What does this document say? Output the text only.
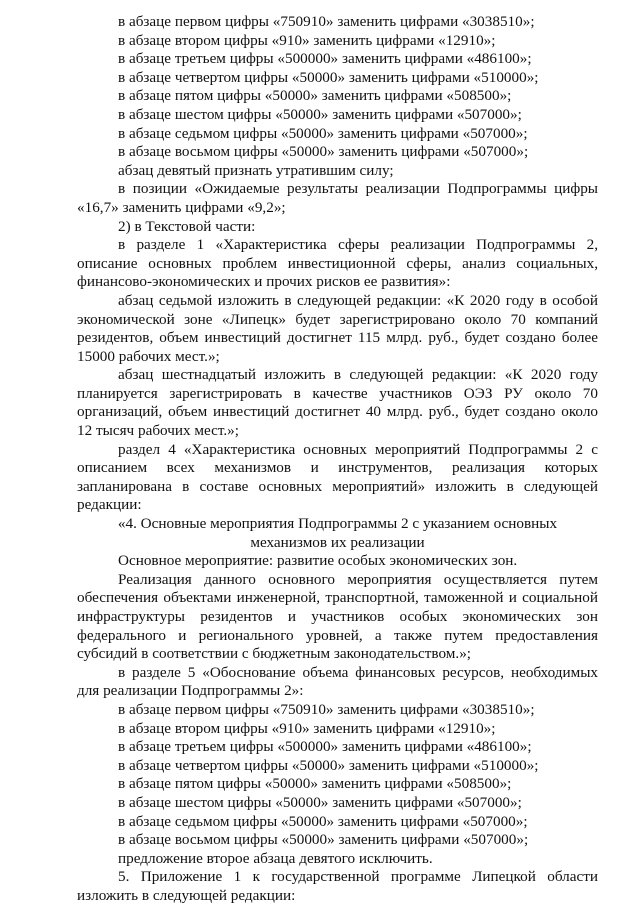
в абзаце первом цифры «750910» заменить цифрами «3038510»;

в абзаце втором цифры «910» заменить цифрами «12910»;

в абзаце третьем цифры «500000» заменить цифрами «486100»;

в абзаце четвертом цифры «50000» заменить цифрами «510000»;

в абзаце пятом цифры «50000» заменить цифрами «508500»;

в абзаце шестом цифры «50000» заменить цифрами «507000»;

в абзаце седьмом цифры «50000» заменить цифрами «507000»;

в абзаце восьмом цифры «50000» заменить цифрами «507000»;

абзац девятый признать утратившим силу;

в позиции «Ожидаемые результаты реализации Подпрограммы цифры «16,7» заменить цифрами «9,2»;

2) в Текстовой части:

в разделе 1 «Характеристика сферы реализации Подпрограммы 2, описание основных проблем инвестиционной сферы, анализ социальных, финансово-экономических и прочих рисков ее развития»:

абзац седьмой изложить в следующей редакции: «К 2020 году в особой экономической зоне «Липецк» будет зарегистрировано около 70 компаний резидентов, объем инвестиций достигнет 115 млрд. руб., будет создано более 15000 рабочих мест.»;

абзац шестнадцатый изложить в следующей редакции: «К 2020 году планируется зарегистрировать в качестве участников ОЭЗ РУ около 70 организаций, объем инвестиций достигнет 40 млрд. руб., будет создано около 12 тысяч рабочих мест.»;

раздел 4 «Характеристика основных мероприятий Подпрограммы 2 с описанием всех механизмов и инструментов, реализация которых запланирована в составе основных мероприятий» изложить в следующей редакции:

«4. Основные мероприятия Подпрограммы 2 с указанием основных механизмов их реализации

Основное мероприятие: развитие особых экономических зон.

Реализация данного основного мероприятия осуществляется путем обеспечения объектами инженерной, транспортной, таможенной и социальной инфраструктуры резидентов и участников особых экономических зон федерального и регионального уровней, а также путем предоставления субсидий в соответствии с бюджетным законодательством.»;

в разделе 5 «Обоснование объема финансовых ресурсов, необходимых для реализации Подпрограммы 2»:

в абзаце первом цифры «750910» заменить цифрами «3038510»;

в абзаце втором цифры «910» заменить цифрами «12910»;

в абзаце третьем цифры «500000» заменить цифрами «486100»;

в абзаце четвертом цифры «50000» заменить цифрами «510000»;

в абзаце пятом цифры «50000» заменить цифрами «508500»;

в абзаце шестом цифры «50000» заменить цифрами «507000»;

в абзаце седьмом цифры «50000» заменить цифрами «507000»;

в абзаце восьмом цифры «50000» заменить цифрами «507000»;

предложение второе абзаца девятого исключить.

5. Приложение 1 к государственной программе Липецкой области изложить в следующей редакции:
